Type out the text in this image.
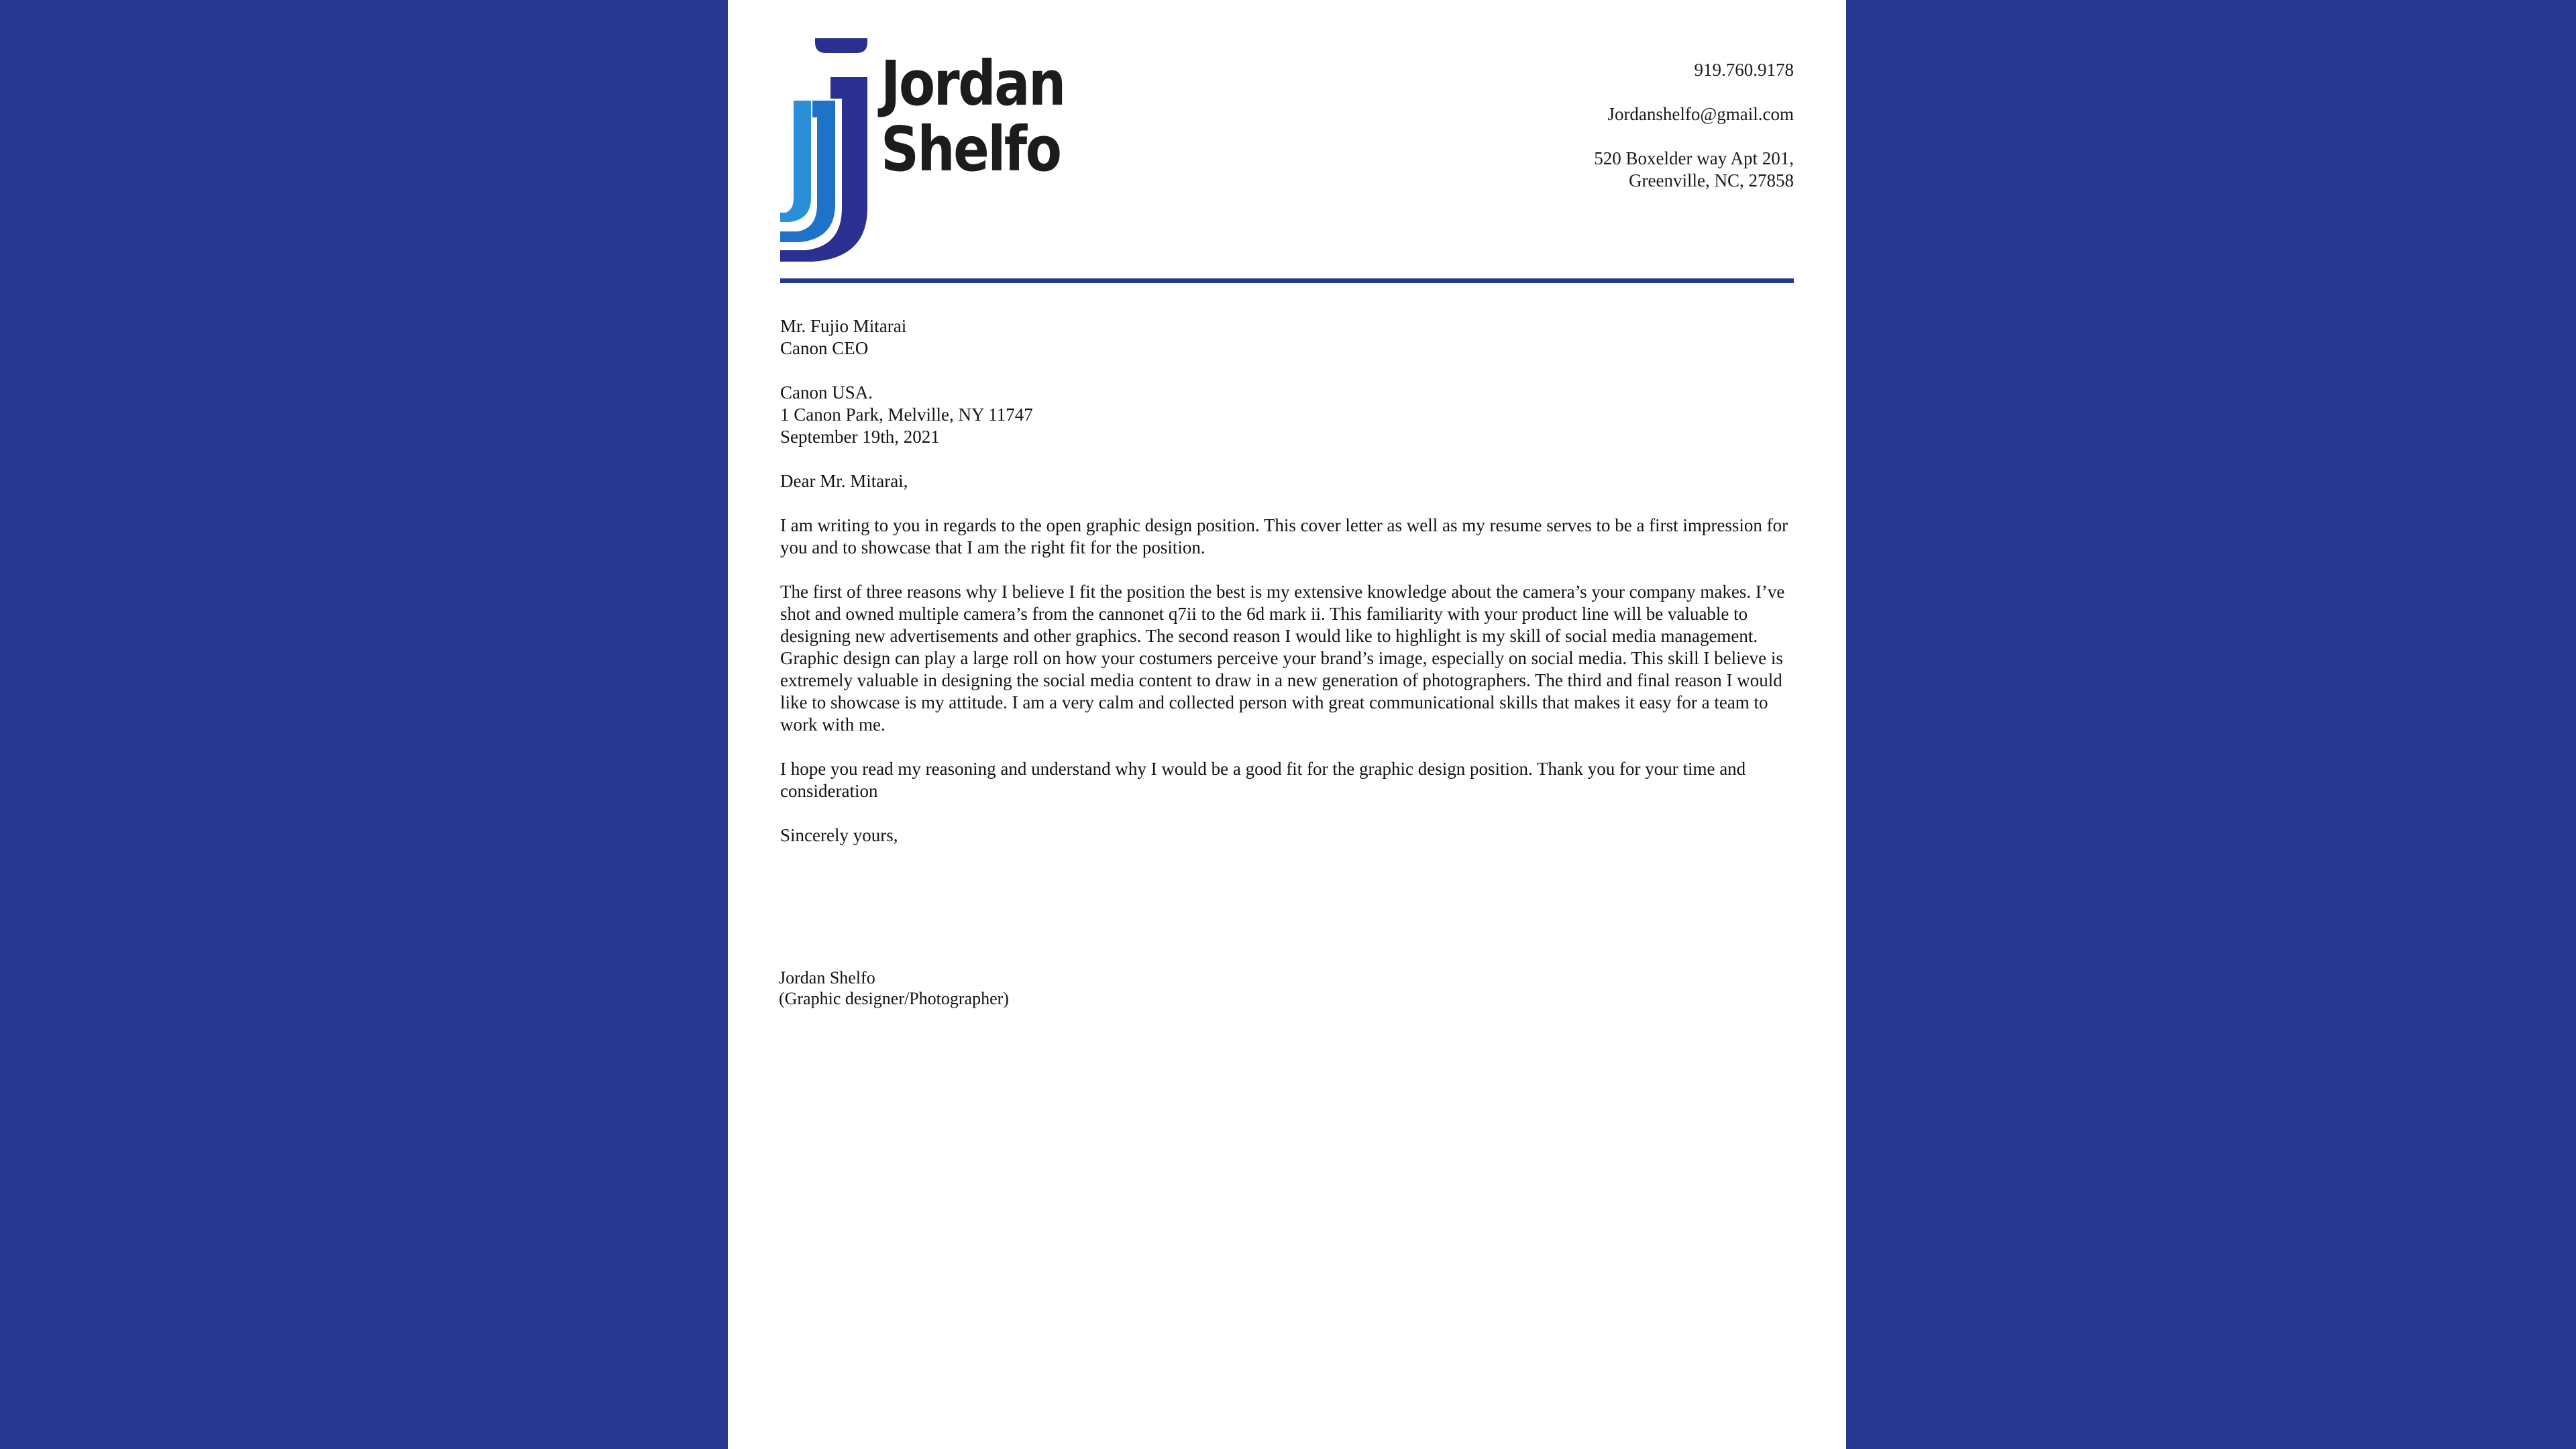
Jordan
Shelfo
919.760.9178
Jordanshelfo@gmail.com
520 Boxelder way Apt 201,
Greenville, NC, 27858
Mr. Fujio Mitarai
Canon CEO
Canon USA.
1 Canon Park, Melville, NY 11747
September 19th, 2021

Dear Mr. Mitarai,

I am writing to you in regards to the open graphic design position. This cover letter as well as my resume serves to be a first impression for you and to showcase that I am the right fit for the position.

The first of three reasons why I believe I fit the position the best is my extensive knowledge about the camera’s your company makes. I’ve shot and owned multiple camera’s from the cannonet q7ii to the 6d mark ii. This familiarity with your product line will be valuable to designing new advertisements and other graphics. The second reason I would like to highlight is my skill of social media management. Graphic design can play a large roll on how your costumers perceive your brand’s image, especially on social media. This skill I believe is extremely valuable in designing the social media content to draw in a new generation of photographers. The third and final reason I would like to showcase is my attitude. I am a very calm and collected person with great communicational skills that makes it easy for a team to work with me.

I hope you read my reasoning and understand why I would be a good fit for the graphic design position. Thank you for your time and consideration

Sincerely yours,

Jordan Shelfo
(Graphic designer/Photographer)
